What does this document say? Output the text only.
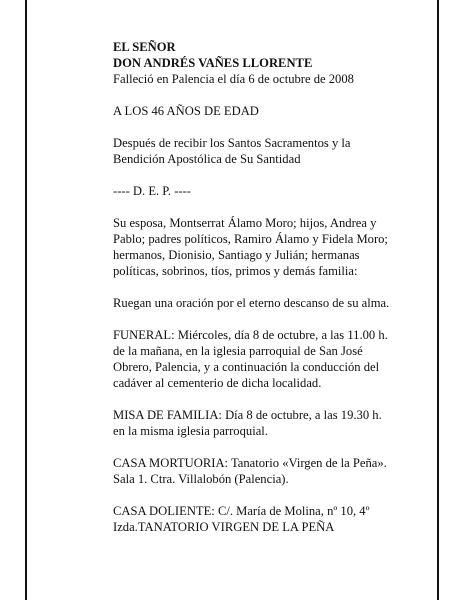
EL SEÑOR

DON ANDRÉS VAÑES LLORENTE

Falleció en Palencia el día 6 de octubre de 2008

A LOS 46 AÑOS DE EDAD

Después de recibir los Santos Sacramentos y la

Bendición Apostólica de Su Santidad

---- D. E. P. ----

Su esposa, Montserrat Álamo Moro; hijos, Andrea y

Pablo; padres políticos, Ramiro Álamo y Fidela Moro;

hermanos, Dionisio, Santiago y Julián; hermanas

políticas, sobrinos, tíos, primos y demás familia:

Ruegan una oración por el eterno descanso de su alma.

FUNERAL: Miércoles, día 8 de octubre, a las 11.00 h.

de la mañana, en la iglesia parroquial de San José

Obrero, Palencia, y a continuación la conducción del

cadáver al cementerio de dicha localidad.

MISA DE FAMILIA: Día 8 de octubre, a las 19.30 h.

en la misma iglesia parroquial.

CASA MORTUORIA: Tanatorio «Virgen de la Peña».

Sala 1. Ctra. Villalobón (Palencia).

CASA DOLIENTE: C/. María de Molina, nº 10, 4º

Izda.TANATORIO VIRGEN DE LA PEÑA
